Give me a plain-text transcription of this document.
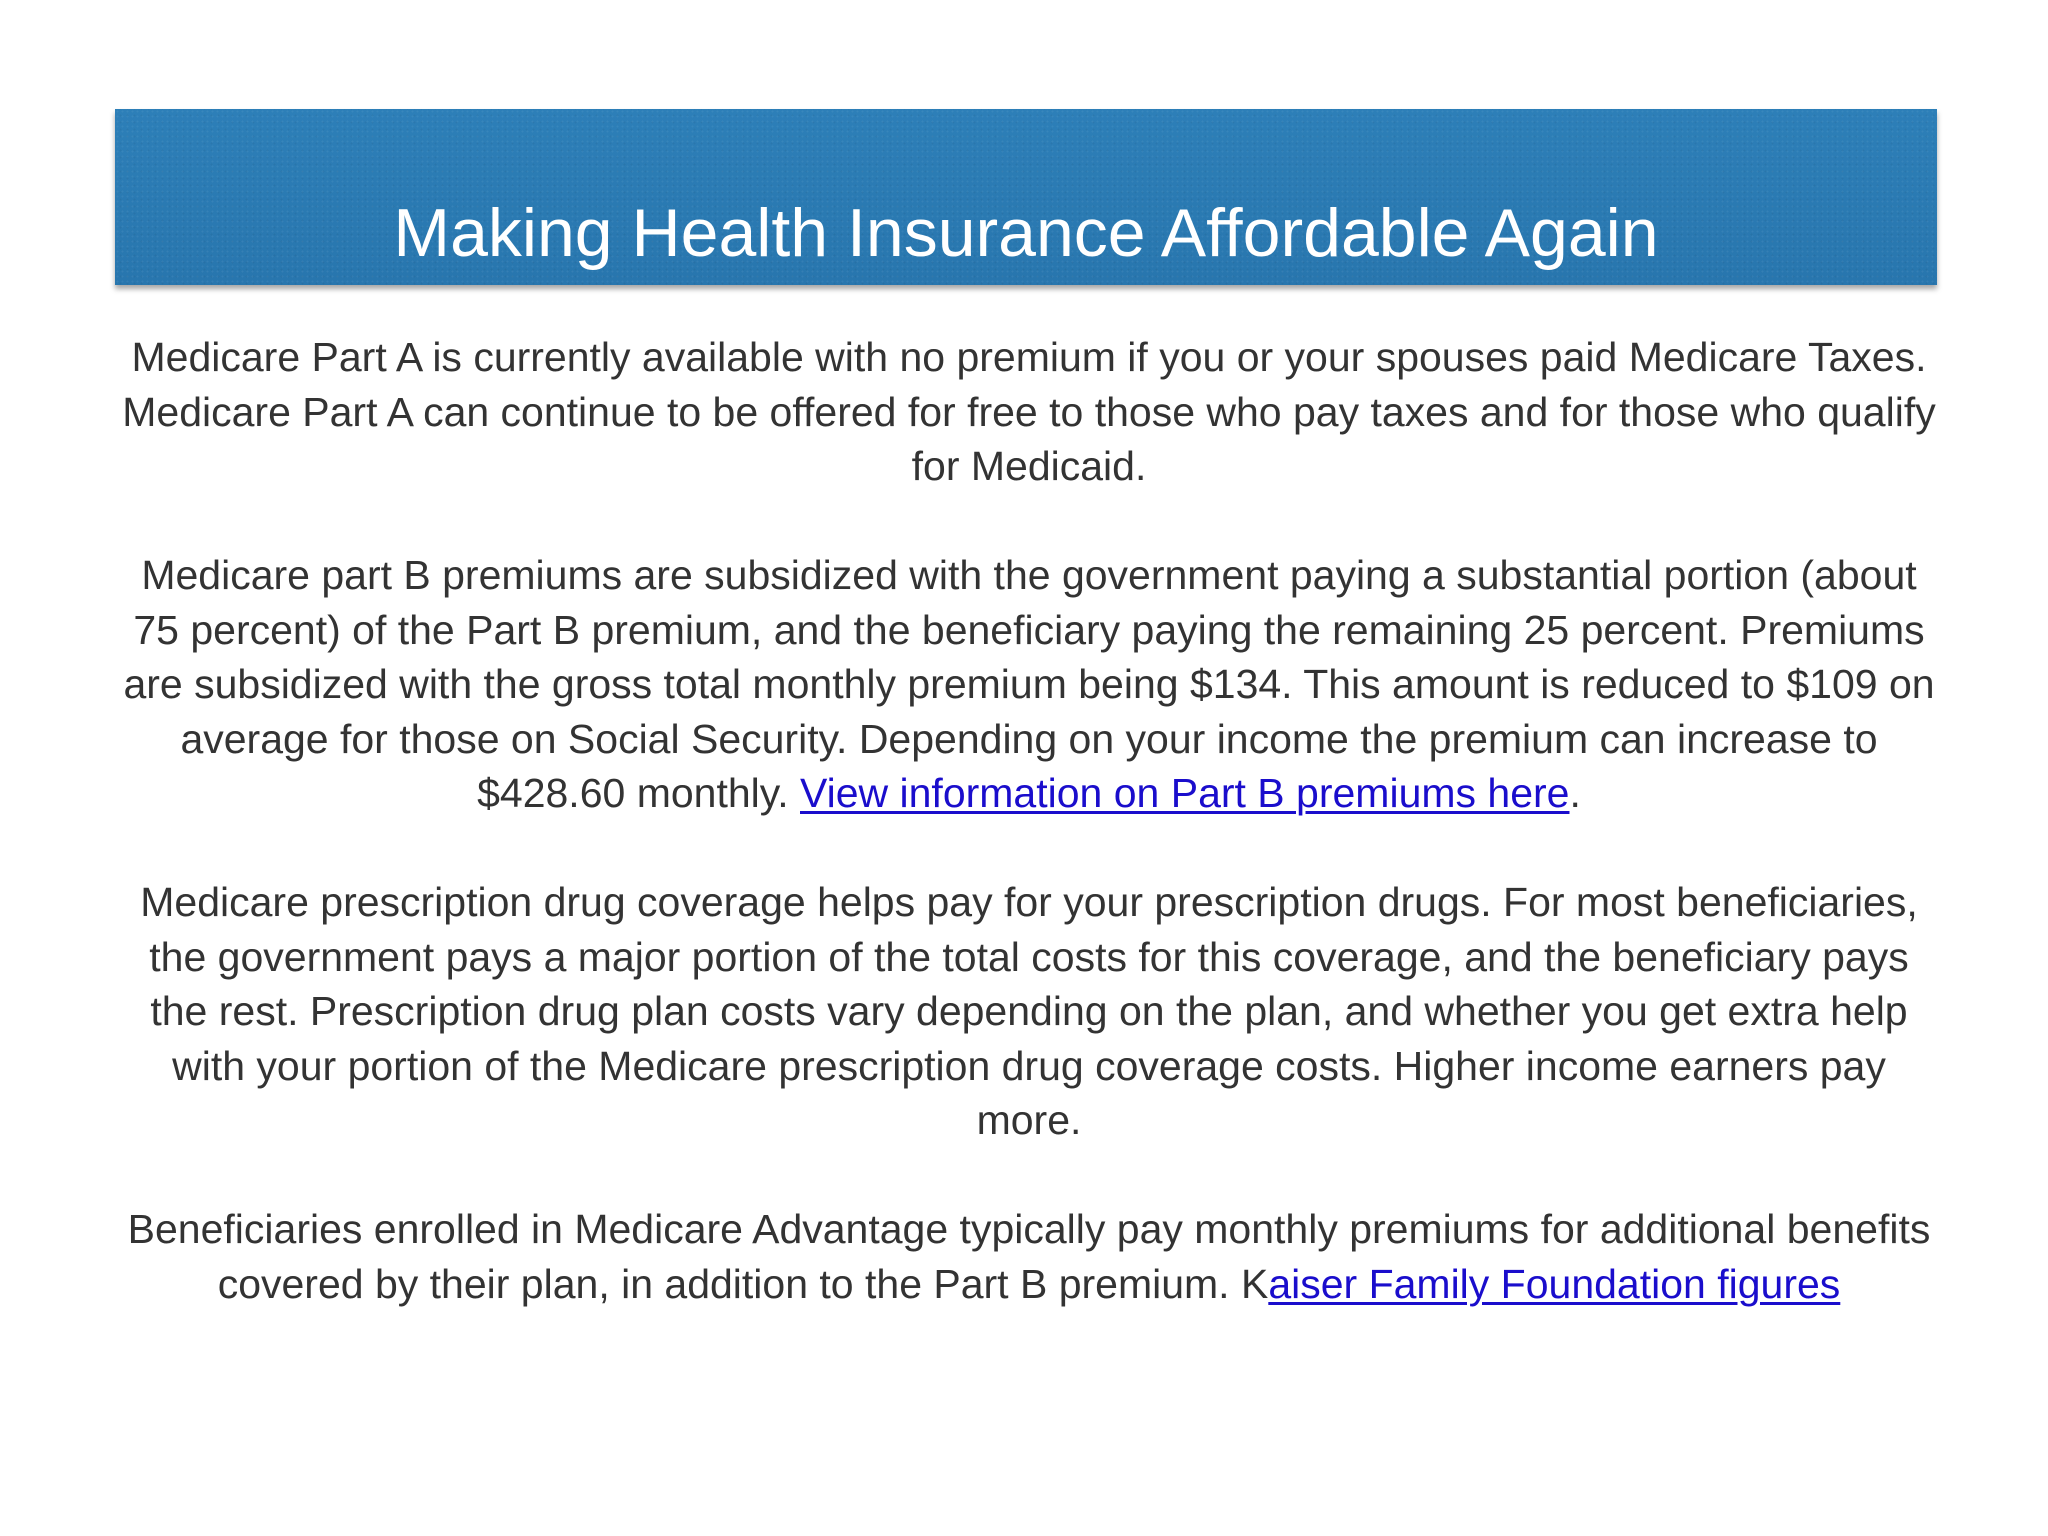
Making Health Insurance Affordable Again

Medicare Part A is currently available with no premium if you or your spouses paid Medicare Taxes. Medicare Part A can continue to be offered for free to those who pay taxes and for those who qualify for Medicaid.

Medicare part B premiums are subsidized with the government paying a substantial portion (about 75 percent) of the Part B premium, and the beneficiary paying the remaining 25 percent. Premiums are subsidized with the gross total monthly premium being $134. This amount is reduced to $109 on average for those on Social Security. Depending on your income the premium can increase to $428.60 monthly. View information on Part B premiums here.

Medicare prescription drug coverage helps pay for your prescription drugs. For most beneficiaries, the government pays a major portion of the total costs for this coverage, and the beneficiary pays the rest. Prescription drug plan costs vary depending on the plan, and whether you get extra help with your portion of the Medicare prescription drug coverage costs. Higher income earners pay more.

Beneficiaries enrolled in Medicare Advantage typically pay monthly premiums for additional benefits covered by their plan, in addition to the Part B premium. Kaiser Family Foundation figures
